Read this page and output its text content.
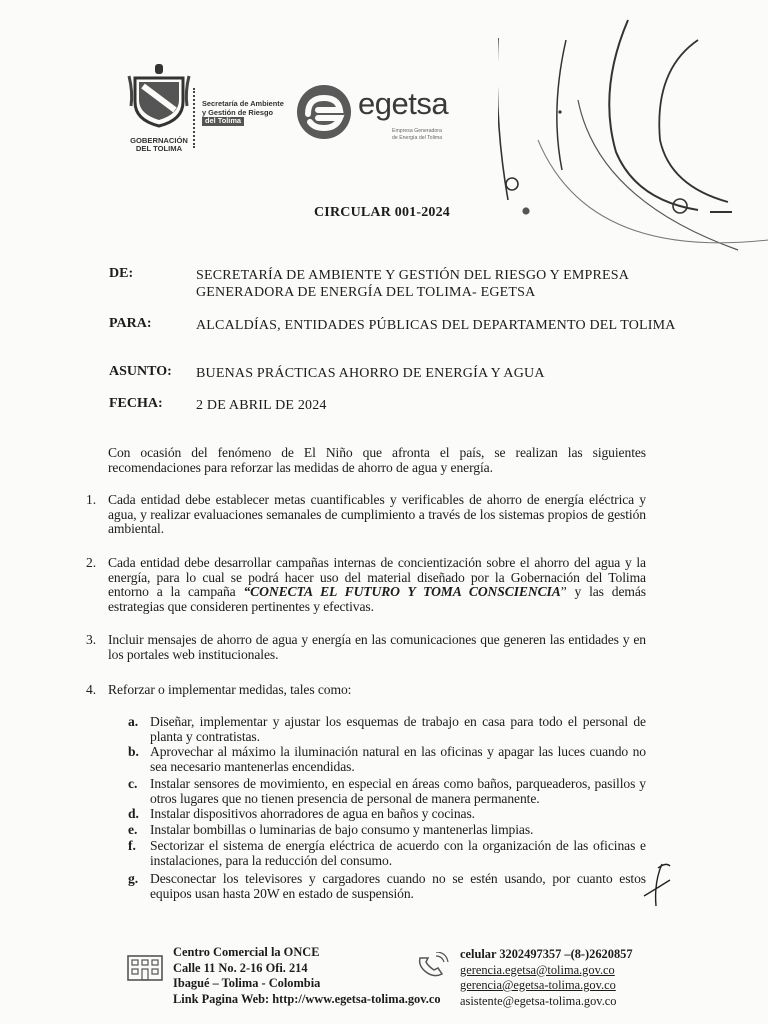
GOBERNACIÓN
DEL TOLIMA
Secretaría de Ambiente
y Gestión de Riesgo
del Tolima	egetsa
Empresa Generadora
de Energía del Tolima
CIRCULAR 001-2024
DE:	SECRETARÍA DE AMBIENTE Y GESTIÓN DEL RIESGO Y EMPRESA
GENERADORA DE ENERGÍA DEL TOLIMA- EGETSA
PARA:	ALCALDÍAS, ENTIDADES PÚBLICAS DEL DEPARTAMENTO DEL TOLIMA
ASUNTO: BUENAS PRÁCTICAS AHORRO DE ENERGÍA Y AGUA
FECHA: 2 DE ABRIL DE 2024
Con ocasión del fenómeno de El Niño que afronta el país, se realizan las siguientes recomendaciones para reforzar las medidas de ahorro de agua y energía.
1. Cada entidad debe establecer metas cuantificables y verificables de ahorro de energía eléctrica y agua, y realizar evaluaciones semanales de cumplimiento a través de los sistemas propios de gestión ambiental.
2. Cada entidad debe desarrollar campañas internas de concientización sobre el ahorro del agua y la energía, para lo cual se podrá hacer uso del material diseñado por la Gobernación del Tolima entorno a la campaña “CONECTA EL FUTURO Y TOMA CONSCIENCIA” y las demás estrategias que consideren pertinentes y efectivas.
3. Incluir mensajes de ahorro de agua y energía en las comunicaciones que generen las entidades y en los portales web institucionales.
4. Reforzar o implementar medidas, tales como:
a. Diseñar, implementar y ajustar los esquemas de trabajo en casa para todo el personal de planta y contratistas.
b. Aprovechar al máximo la iluminación natural en las oficinas y apagar las luces cuando no sea necesario mantenerlas encendidas.
c. Instalar sensores de movimiento, en especial en áreas como baños, parqueaderos, pasillos y otros lugares que no tienen presencia de personal de manera permanente.
d. Instalar dispositivos ahorradores de agua en baños y cocinas.
e. Instalar bombillas o luminarias de bajo consumo y mantenerlas limpias.
f. Sectorizar el sistema de energía eléctrica de acuerdo con la organización de las oficinas e instalaciones, para la reducción del consumo.
g. Desconectar los televisores y cargadores cuando no se estén usando, por cuanto estos equipos usan hasta 20W en estado de suspensión.
Centro Comercial la ONCE
Calle 11 No. 2-16 Ofi. 214
Ibagué – Tolima - Colombia
Link Pagina Web: http://www.egetsa-tolima.gov.co
celular 3202497357 –(8-)2620857
gerencia.egetsa@tolima.gov.co
gerencia@egetsa-tolima.gov.co
asistente@egetsa-tolima.gov.co
